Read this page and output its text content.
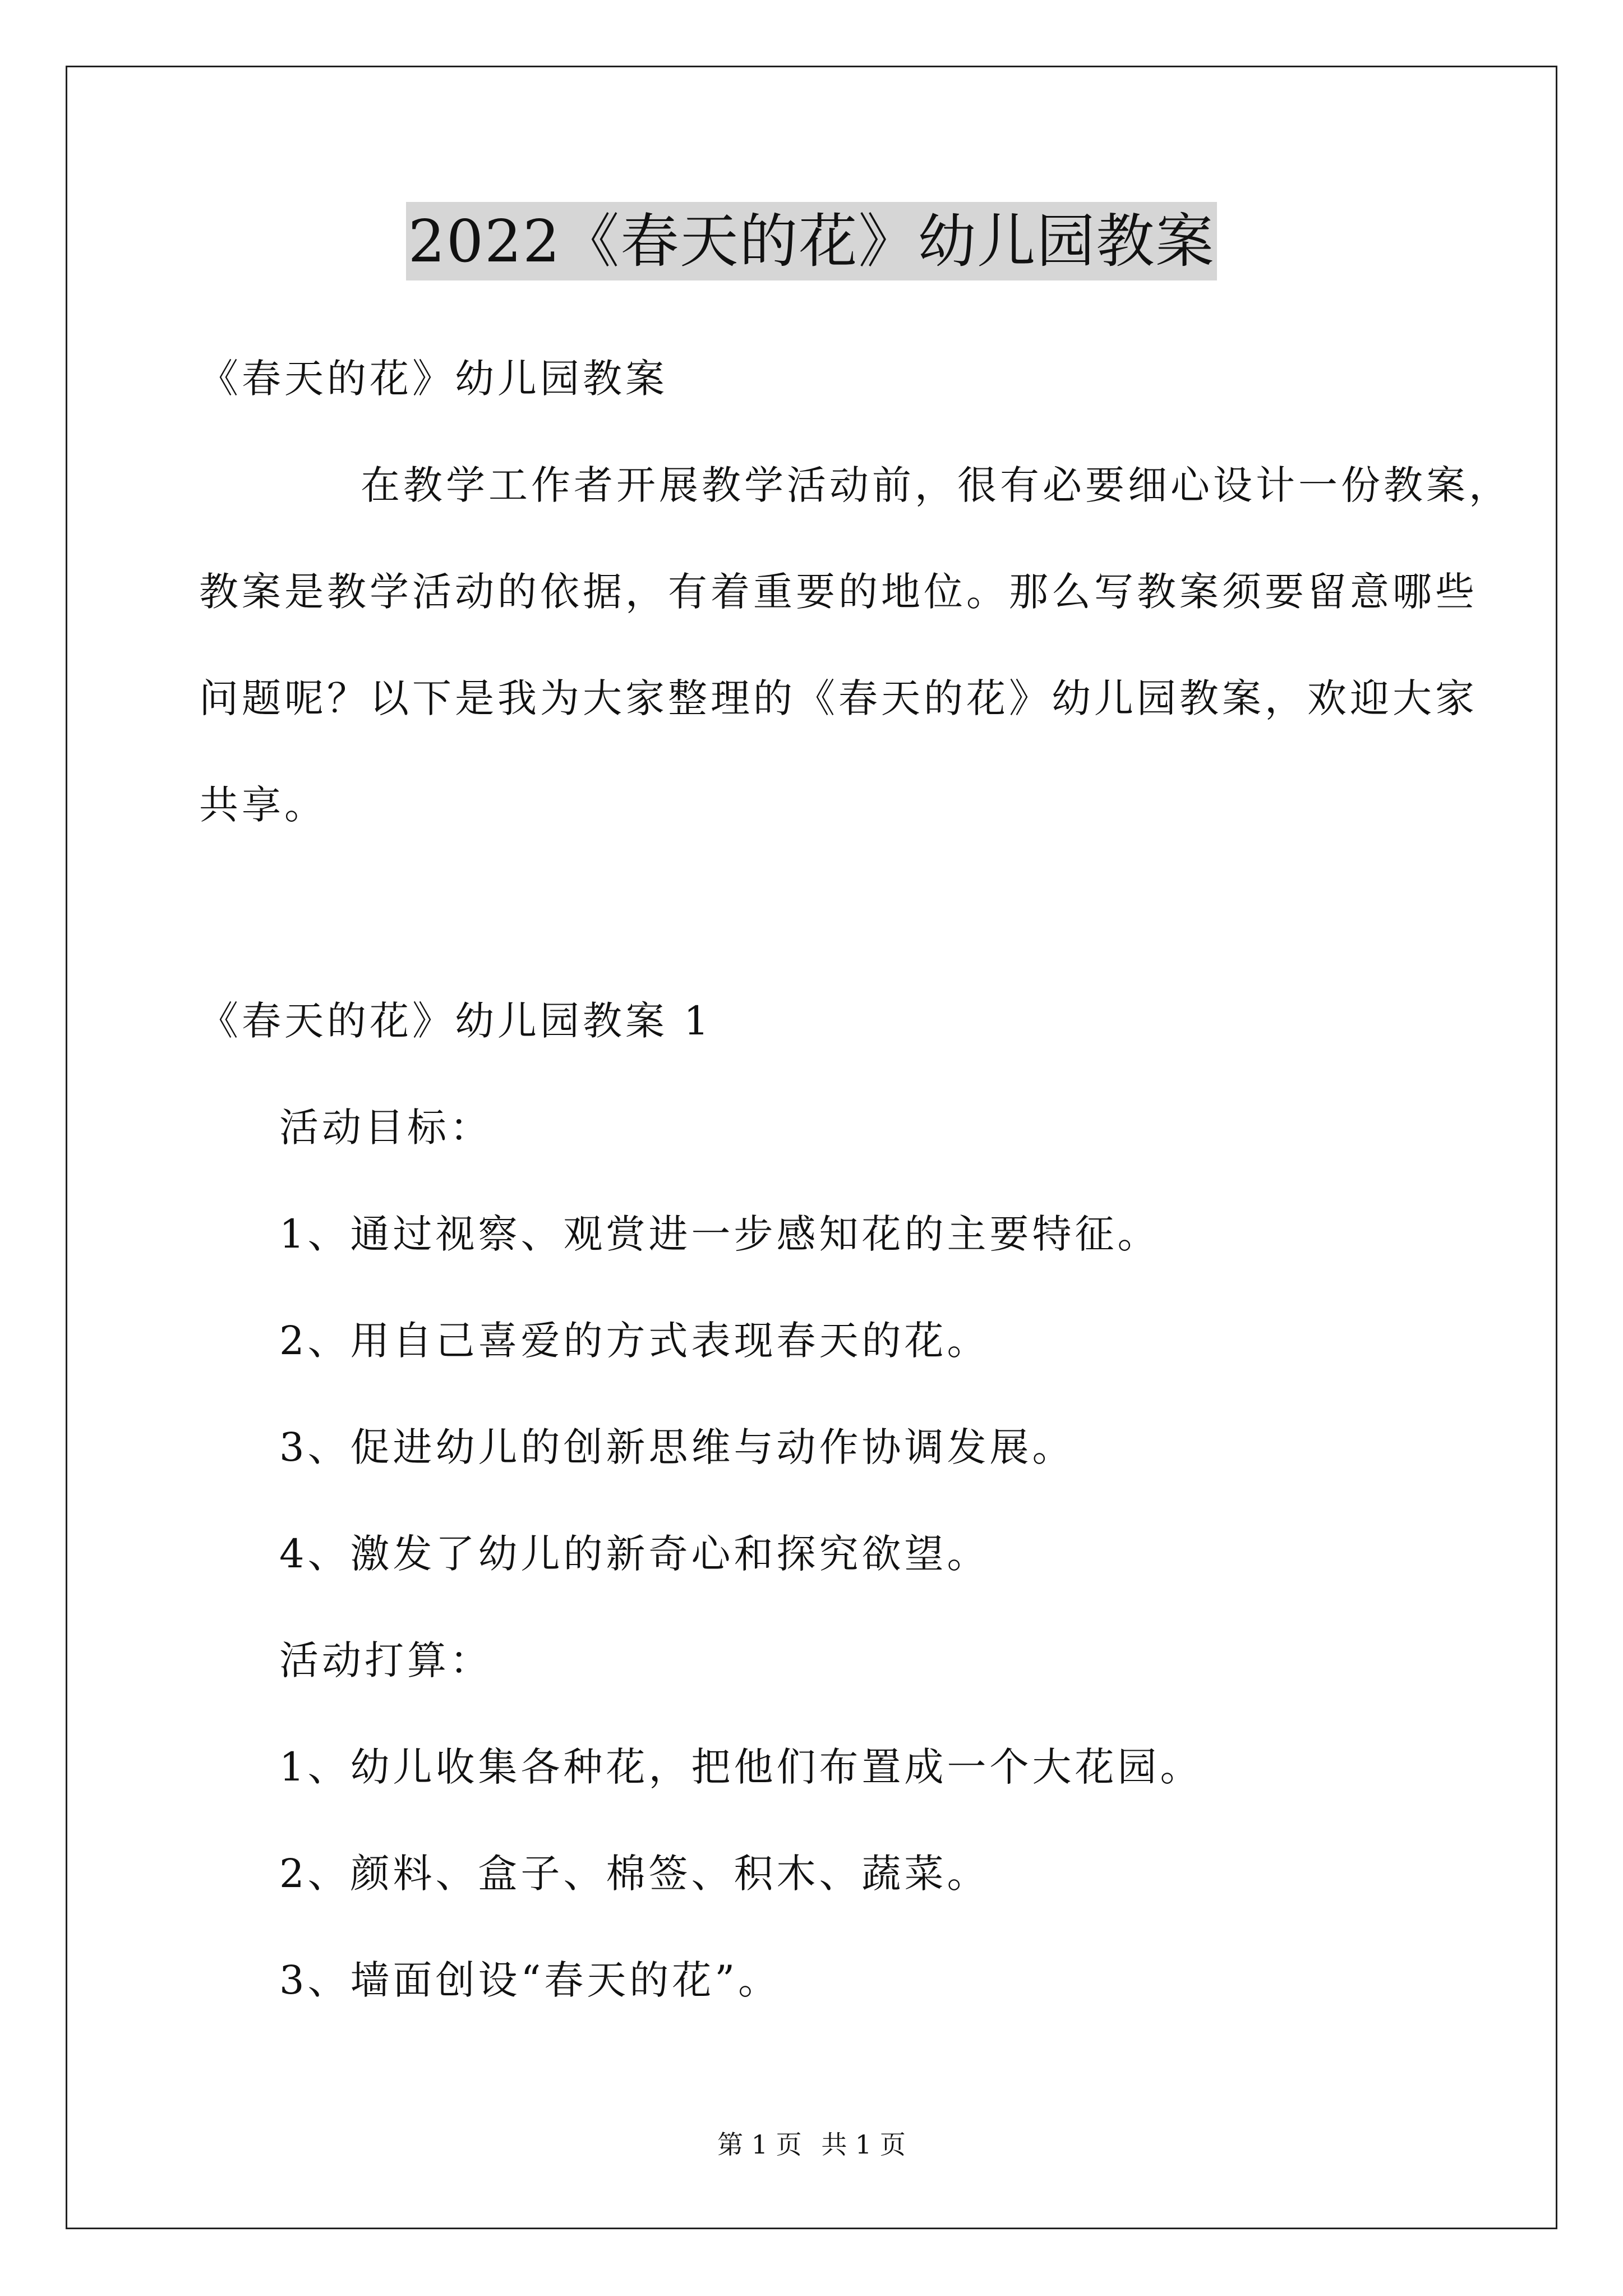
2022《春天的花》幼儿园教案
《春天的花》幼儿园教案
在教学工作者开展教学活动前，很有必要细心设计一份教案，
教案是教学活动的依据，有着重要的地位。那么写教案须要留意哪些
问题呢？以下是我为大家整理的《春天的花》幼儿园教案，欢迎大家
共享。
《春天的花》幼儿园教案 1
活动目标：
1、通过视察、观赏进一步感知花的主要特征。
2、用自己喜爱的方式表现春天的花。
3、促进幼儿的创新思维与动作协调发展。
4、激发了幼儿的新奇心和探究欲望。
活动打算：
1、幼儿收集各种花，把他们布置成一个大花园。
2、颜料、盒子、棉签、积木、蔬菜。
3、墙面创设“春天的花”。
第 1 页 共 1 页
